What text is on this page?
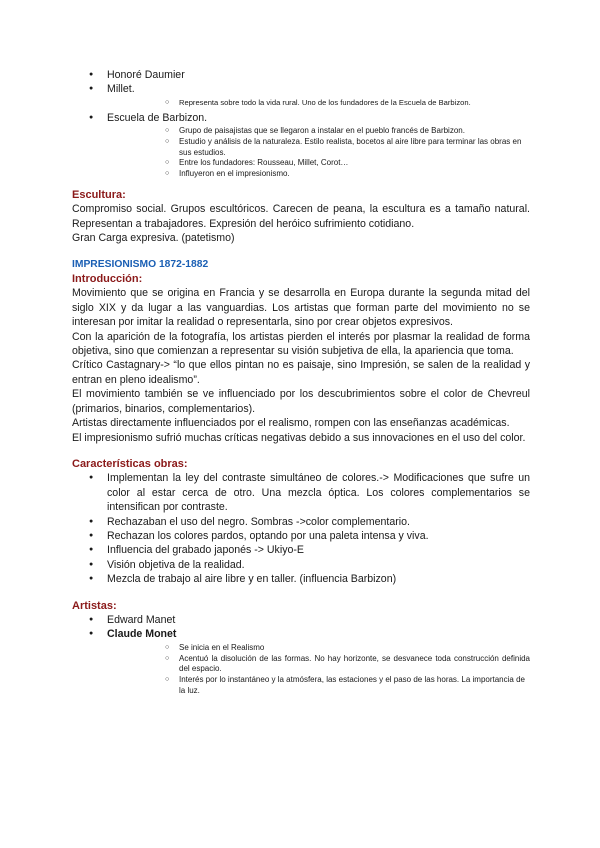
● Honoré Daumier
● Millet.
○ Representa sobre todo la vida rural. Uno de los fundadores de la Escuela de Barbizon.
● Escuela de Barbizon.
○ Grupo de paisajistas que se llegaron a instalar en el pueblo francés de Barbizon.
○ Estudio y análisis de la naturaleza. Estilo realista, bocetos al aire libre para terminar las obras en sus estudios.
○ Entre los fundadores: Rousseau, Millet, Corot…
○ Influyeron en el impresionismo.
Escultura:

Compromiso social. Grupos escultóricos. Carecen de peana, la escultura es a tamaño natural. Representan a trabajadores. Expresión del heróico sufrimiento cotidiano.

Gran Carga expresiva. (patetismo)

IMPRESIONISMO 1872-1882
Introducción:

Movimiento que se origina en Francia y se desarrolla en Europa durante la segunda mitad del siglo XIX y da lugar a las vanguardias. Los artistas que forman parte del movimiento no se interesan por imitar la realidad o representarla, sino por crear objetos expresivos.

Con la aparición de la fotografía, los artistas pierden el interés por plasmar la realidad de forma objetiva, sino que comienzan a representar su visión subjetiva de ella, la apariencia que toma.

Crítico Castagnary-> “lo que ellos pintan no es paisaje, sino Impresión, se salen de la realidad y entran en pleno idealismo”.

El movimiento también se ve influenciado por los descubrimientos sobre el color de Chevreul (primarios, binarios, complementarios).

Artistas directamente influenciados por el realismo, rompen con las enseñanzas académicas.

El impresionismo sufrió muchas críticas negativas debido a sus innovaciones en el uso del color.

Características obras:
● Implementan la ley del contraste simultáneo de colores.-> Modificaciones que sufre un color al estar cerca de otro. Una mezcla óptica. Los colores complementarios se intensifican por contraste.
● Rechazaban el uso del negro. Sombras ->color complementario.
● Rechazan los colores pardos, optando por una paleta intensa y viva.
● Influencia del grabado japonés -> Ukiyo-E
● Visión objetiva de la realidad.
● Mezcla de trabajo al aire libre y en taller. (influencia Barbizon)
Artistas:
● Edward Manet
● Claude Monet
○ Se inicia en el Realismo
○ Acentuó la disolución de las formas. No hay horizonte, se desvanece toda construcción definida del espacio.
○ Interés por lo instantáneo y la atmósfera, las estaciones y el paso de las horas. La importancia de la luz.
